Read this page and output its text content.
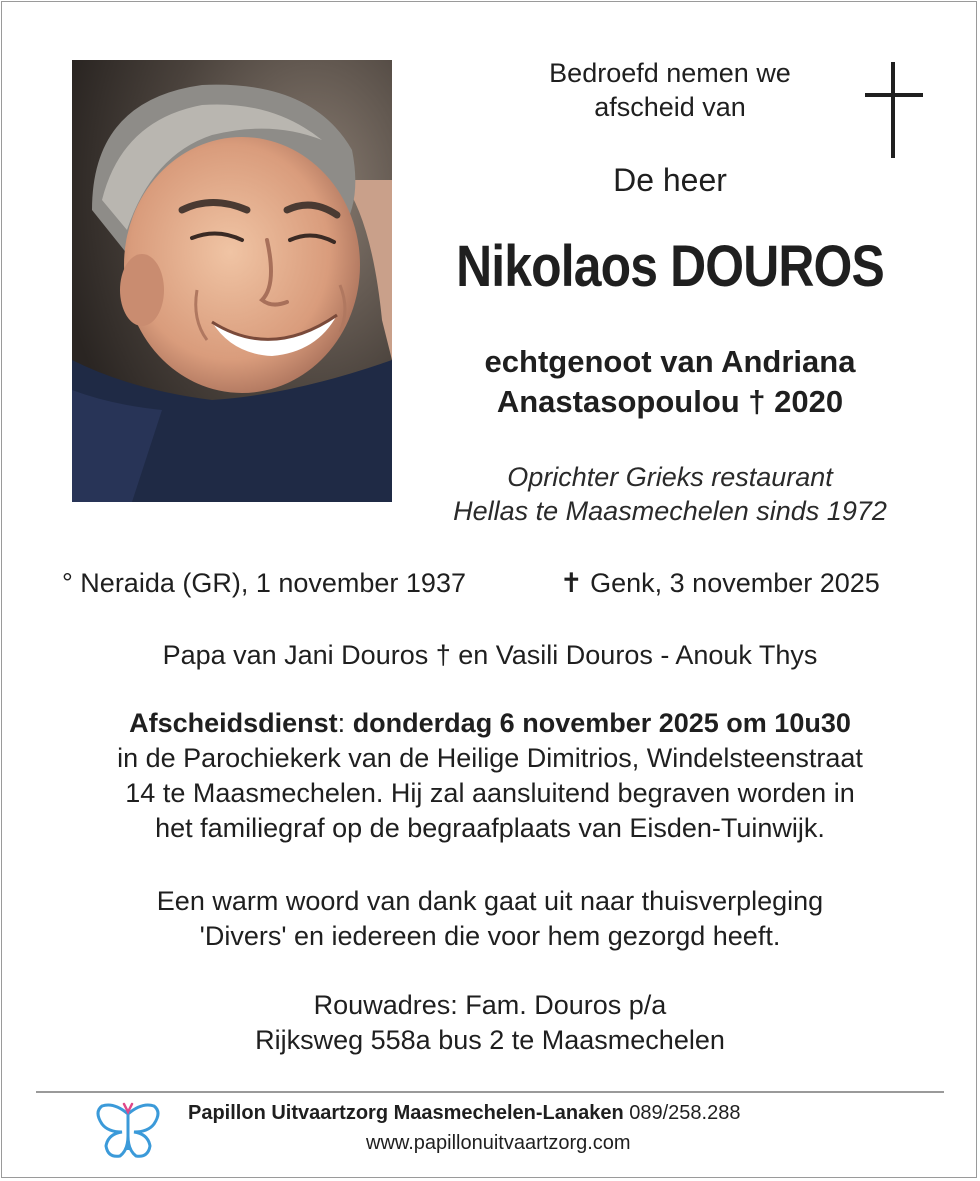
Bedroefd nemen we
afscheid van
De heer
Nikolaos DOUROS
echtgenoot van Andriana
Anastasopoulou † 2020
Oprichter Grieks restaurant
Hellas te Maasmechelen sinds 1972
° Neraida (GR), 1 november 1937	✝ Genk, 3 november 2025
Papa van Jani Douros † en Vasili Douros - Anouk Thys
Afscheidsdienst: donderdag 6 november 2025 om 10u30
in de Parochiekerk van de Heilige Dimitrios, Windelsteenstraat
14 te Maasmechelen. Hij zal aansluitend begraven worden in
het familiegraf op de begraafplaats van Eisden-Tuinwijk.
Een warm woord van dank gaat uit naar thuisverpleging
'Divers' en iedereen die voor hem gezorgd heeft.
Rouwadres: Fam. Douros p/a
Rijksweg 558a bus 2 te Maasmechelen
Papillon Uitvaartzorg Maasmechelen-Lanaken 089/258.288
www.papillonuitvaartzorg.com
